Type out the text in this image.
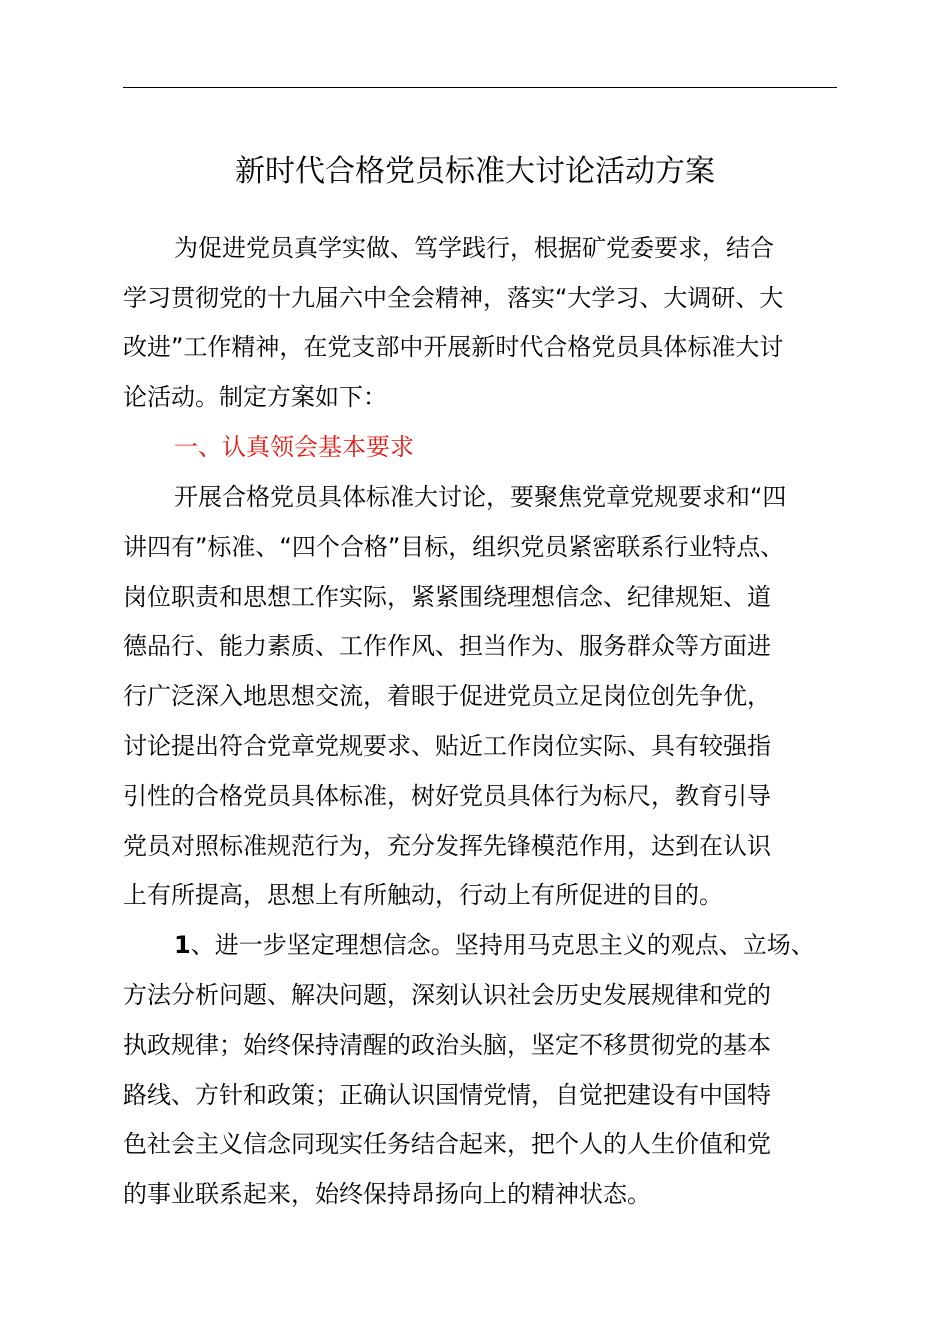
新时代合格党员标准大讨论活动方案

为促进党员真学实做、笃学践行，根据矿党委要求，结合

学习贯彻党的十九届六中全会精神，落实“大学习、大调研、大

改进”工作精神，在党支部中开展新时代合格党员具体标准大讨

论活动。制定方案如下：

一、认真领会基本要求

开展合格党员具体标准大讨论，要聚焦党章党规要求和“四

讲四有”标准、“四个合格”目标，组织党员紧密联系行业特点、

岗位职责和思想工作实际，紧紧围绕理想信念、纪律规矩、道

德品行、能力素质、工作作风、担当作为、服务群众等方面进

行广泛深入地思想交流，着眼于促进党员立足岗位创先争优，

讨论提出符合党章党规要求、贴近工作岗位实际、具有较强指

引性的合格党员具体标准，树好党员具体行为标尺，教育引导

党员对照标准规范行为，充分发挥先锋模范作用，达到在认识

上有所提高，思想上有所触动，行动上有所促进的目的。

1、进一步坚定理想信念。坚持用马克思主义的观点、立场、

方法分析问题、解决问题，深刻认识社会历史发展规律和党的

执政规律；始终保持清醒的政治头脑，坚定不移贯彻党的基本

路线、方针和政策；正确认识国情党情，自觉把建设有中国特

色社会主义信念同现实任务结合起来，把个人的人生价值和党

的事业联系起来，始终保持昂扬向上的精神状态。
